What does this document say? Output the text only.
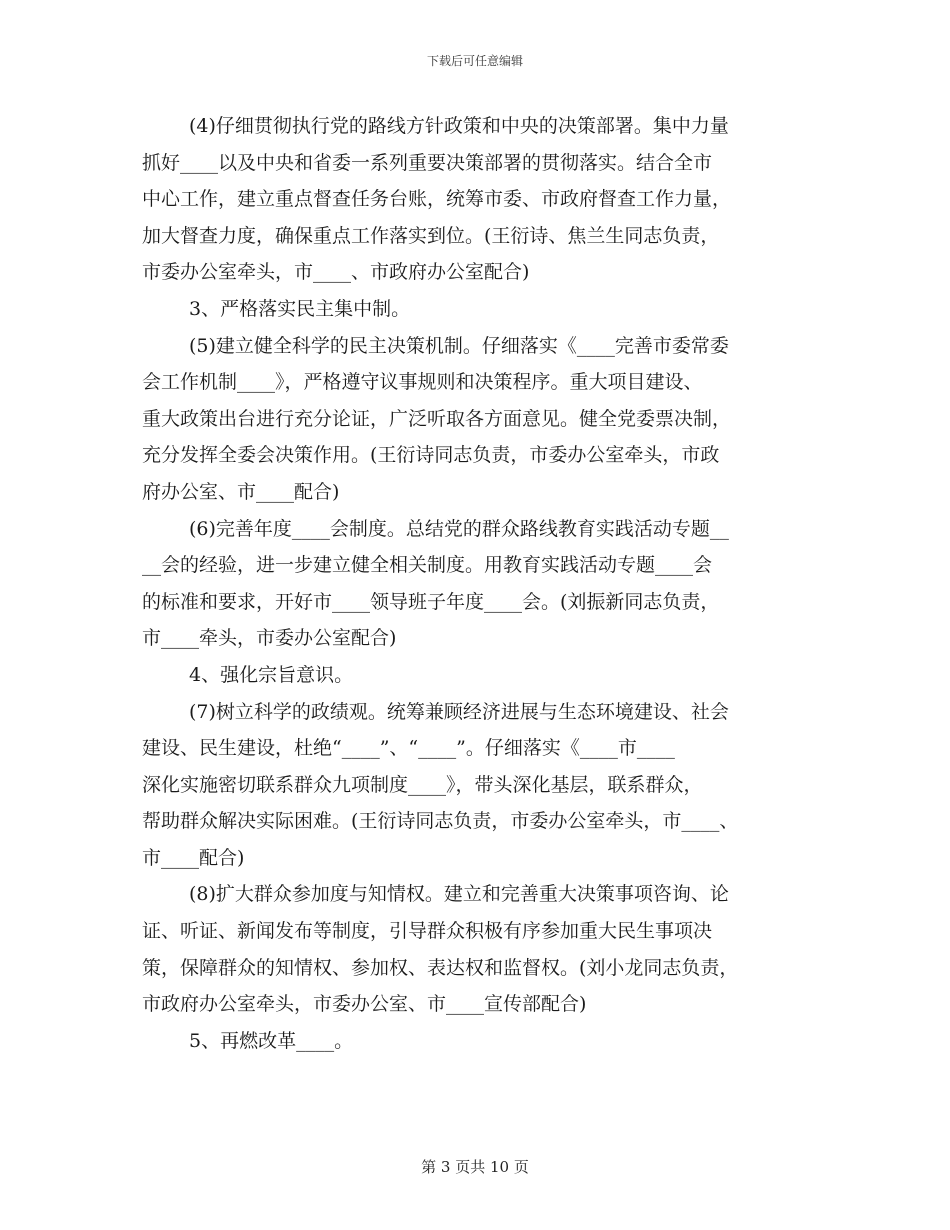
下载后可任意编辑
(4)仔细贯彻执行党的路线方针政策和中央的决策部署。集中力量
抓好____以及中央和省委一系列重要决策部署的贯彻落实。结合全市
中心工作，建立重点督查任务台账，统筹市委、市政府督查工作力量，
加大督查力度，确保重点工作落实到位。(王衍诗、焦兰生同志负责，
市委办公室牵头，市____、市政府办公室配合)
3、严格落实民主集中制。
(5)建立健全科学的民主决策机制。仔细落实《____完善市委常委
会工作机制____》，严格遵守议事规则和决策程序。重大项目建设、
重大政策出台进行充分论证，广泛听取各方面意见。健全党委票决制，
充分发挥全委会决策作用。(王衍诗同志负责，市委办公室牵头，市政
府办公室、市____配合)
(6)完善年度____会制度。总结党的群众路线教育实践活动专题__
__会的经验，进一步建立健全相关制度。用教育实践活动专题____会
的标准和要求，开好市____领导班子年度____会。(刘振新同志负责，
市____牵头，市委办公室配合)
4、强化宗旨意识。
(7)树立科学的政绩观。统筹兼顾经济进展与生态环境建设、社会
建设、民生建设，杜绝“____”、“____”。仔细落实《____市____
深化实施密切联系群众九项制度____》，带头深化基层，联系群众，
帮助群众解决实际困难。(王衍诗同志负责，市委办公室牵头，市____、
市____配合)
(8)扩大群众参加度与知情权。建立和完善重大决策事项咨询、论
证、听证、新闻发布等制度，引导群众积极有序参加重大民生事项决
策，保障群众的知情权、参加权、表达权和监督权。(刘小龙同志负责，
市政府办公室牵头，市委办公室、市____宣传部配合)
5、再燃改革____。
第 3 页共 10 页
